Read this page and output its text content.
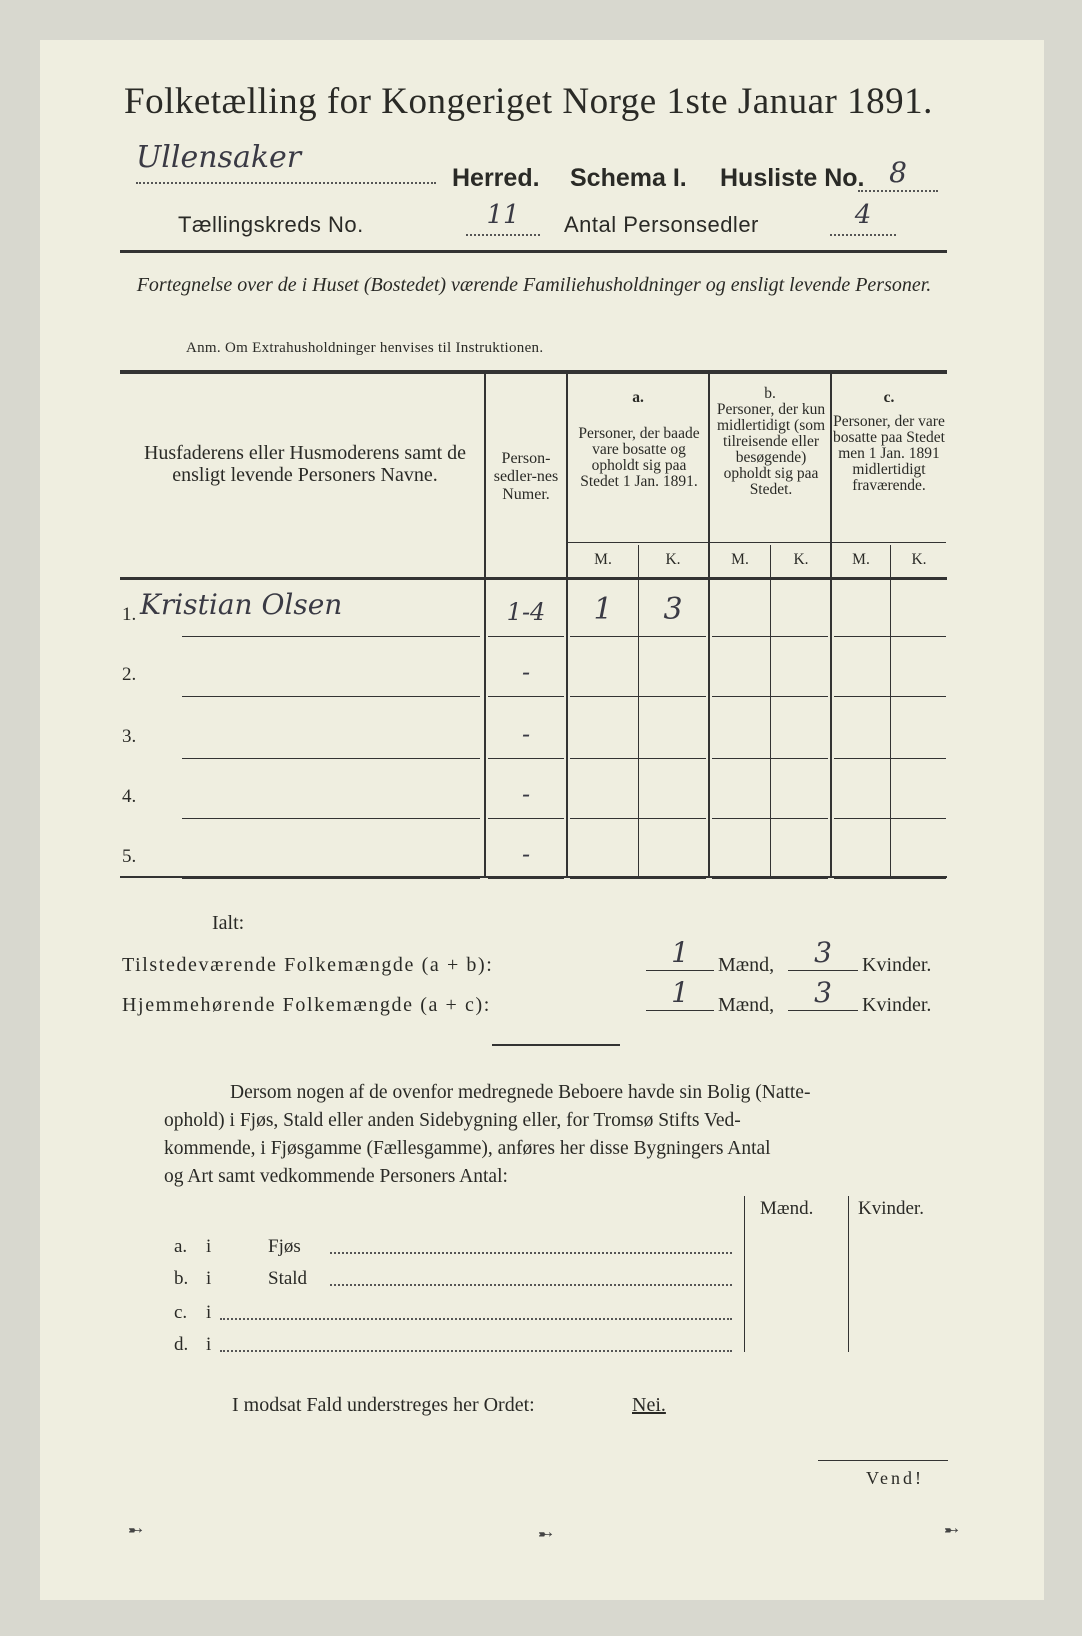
Folketælling for Kongeriget Norge 1ste Januar 1891.
Ullensaker
Herred. Schema I. Husliste No. 8
Tællingskreds No.	11	Antal Personsedler	4
Fortegnelse over de i Huset (Bostedet) værende Familiehusholdninger og ensligt levende Personer.
Anm. Om Extrahusholdninger henvises til Instruktionen.
Husfaderens eller Husmoderens samt de ensligt levende Personers Navne.
Person-sedler-nes Numer.
a.
Personer, der baade vare bosatte og opholdt sig paa Stedet 1 Jan. 1891.
b.
Personer, der kun midlertidigt (som tilreisende eller besøgende) opholdt sig paa Stedet.
c.
Personer, der vare bosatte paa Stedet men 1 Jan. 1891 midlertidigt fraværende.
M.	K.	M.	K.	M.	K.
Ialt:
Tilstedeværende Folkemængde (a + b):	1	Mænd,	3	Kvinder.
Hjemmehørende Folkemængde (a + c):	1	Mænd,	3	Kvinder.
Dersom nogen af de ovenfor medregnede Beboere havde sin Bolig (Natte-
ophold) i Fjøs, Stald eller anden Sidebygning eller, for Tromsø Stifts Ved-
kommende, i Fjøsgamme (Fællesgamme), anføres her disse Bygningers Antal
og Art samt vedkommende Personers Antal:
Mænd. Kvinder.
I modsat Fald understreges her Ordet:	Nei.
Vend!
➸	➸	➸
1. Kristian Olsen	1-4	1	3
2.	-
3.	-
4.	-
5.	-
a. i	Fjøs
b. i	Stald
c. i
d. i
